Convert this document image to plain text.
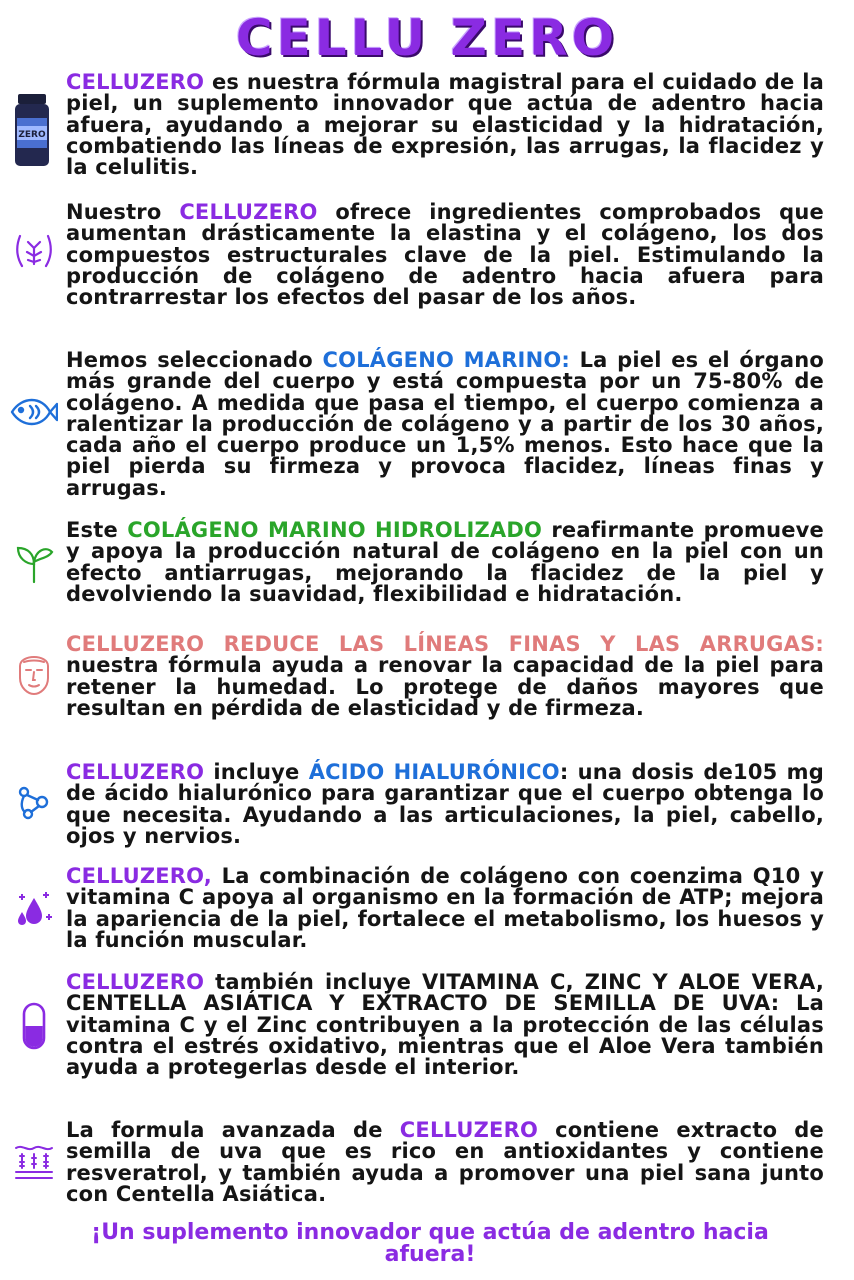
CELLU ZERO
ZERO
CELLUZERO es nuestra fórmula magistral para el cuidado de la piel, un suplemento innovador que actúa de adentro hacia afuera, ayudando a mejorar su elasticidad y la hidratación, combatiendo las líneas de expresión, las arrugas, la flacidez y la celulitis.
Nuestro CELLUZERO ofrece ingredientes comprobados que aumentan drásticamente la elastina y el colágeno, los dos compuestos estructurales clave de la piel. Estimulando la producción de colágeno de adentro hacia afuera para contrarrestar los efectos del pasar de los años.
Hemos seleccionado COLÁGENO MARINO: La piel es el órgano más grande del cuerpo y está compuesta por un 75-80% de colágeno. A medida que pasa el tiempo, el cuerpo comienza a ralentizar la producción de colágeno y a partir de los 30 años, cada año el cuerpo produce un 1,5% menos. Esto hace que la piel pierda su firmeza y provoca flacidez, líneas finas y arrugas.
Este COLÁGENO MARINO HIDROLIZADO reafirmante promueve y apoya la producción natural de colágeno en la piel con un efecto antiarrugas, mejorando la flacidez de la piel y devolviendo la suavidad, flexibilidad e hidratación.
CELLUZERO REDUCE LAS LÍNEAS FINAS Y LAS ARRUGAS: nuestra fórmula ayuda a renovar la capacidad de la piel para retener la humedad. Lo protege de daños mayores que resultan en pérdida de elasticidad y de firmeza.
CELLUZERO incluye ÁCIDO HIALURÓNICO: una dosis de105 mg de ácido hialurónico para garantizar que el cuerpo obtenga lo que necesita. Ayudando a las articulaciones, la piel, cabello, ojos y nervios.
CELLUZERO, La combinación de colágeno con coenzima Q10 y vitamina C apoya al organismo en la formación de ATP; mejora la apariencia de la piel, fortalece el metabolismo, los huesos y la función muscular.
CELLUZERO también incluye VITAMINA C, ZINC Y ALOE VERA, CENTELLA ASIÁTICA Y EXTRACTO DE SEMILLA DE UVA: La vitamina C y el Zinc contribuyen a la protección de las células contra el estrés oxidativo, mientras que el Aloe Vera también ayuda a protegerlas desde el interior.
La formula avanzada de CELLUZERO contiene extracto de semilla de uva que es rico en antioxidantes y contiene resveratrol, y también ayuda a promover una piel sana junto con Centella Asiática.
¡Un suplemento innovador que actúa de adentro hacia afuera!
